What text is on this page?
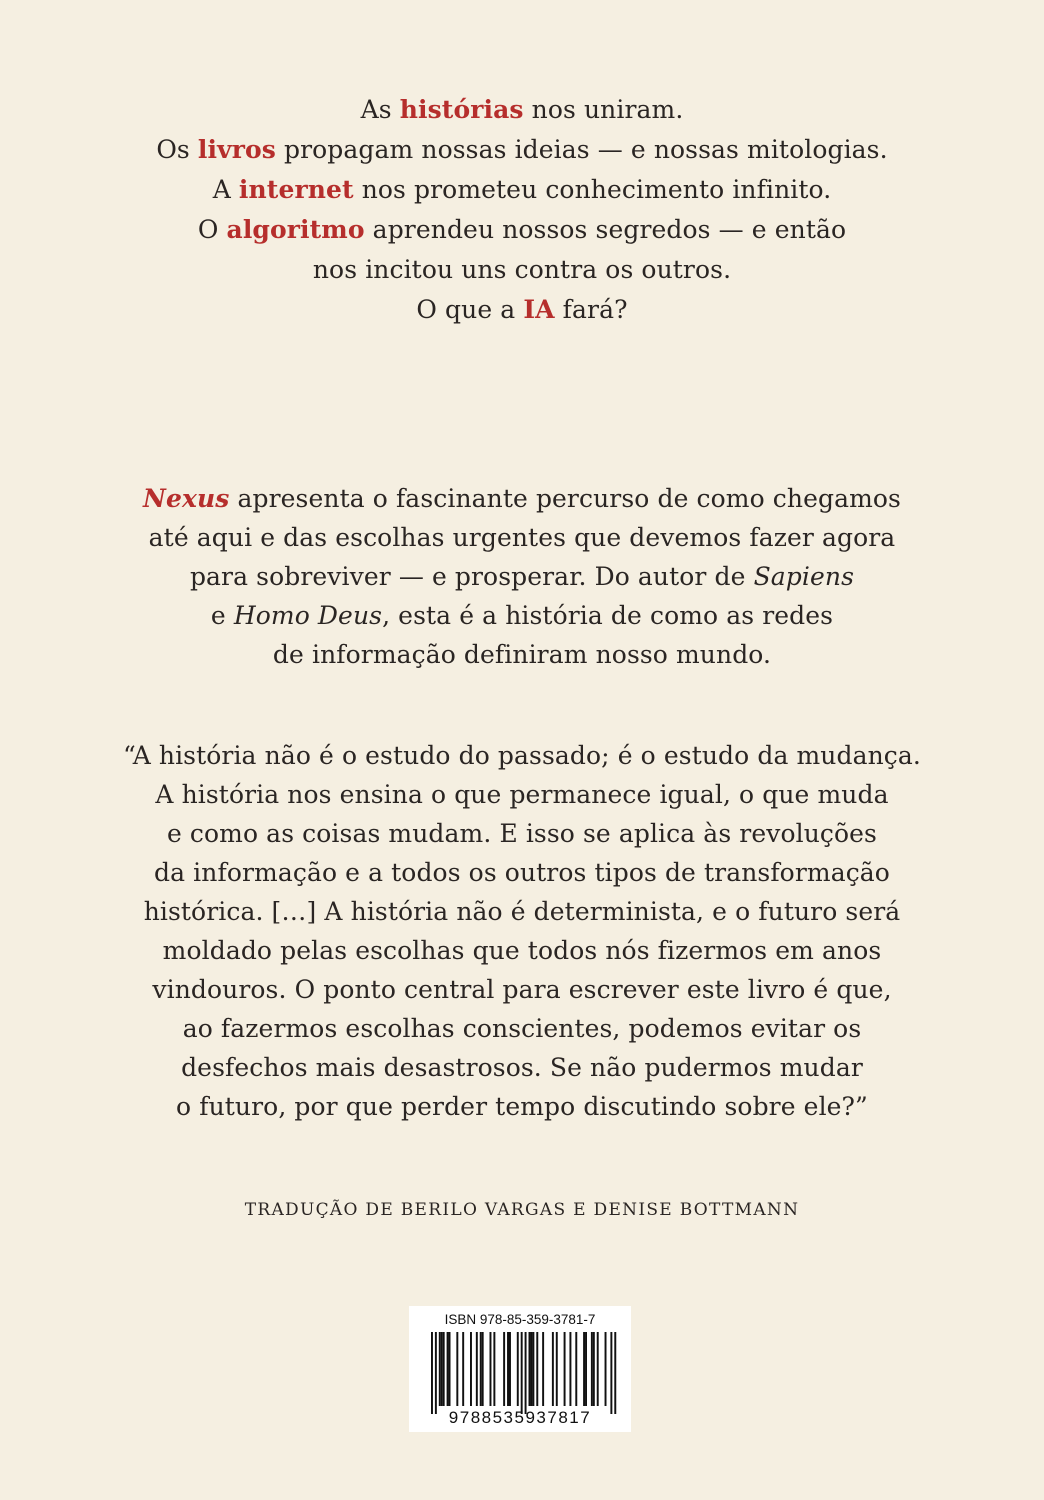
As histórias nos uniram.
Os livros propagam nossas ideias — e nossas mitologias.
A internet nos prometeu conhecimento infinito.
O algoritmo aprendeu nossos segredos — e então
nos incitou uns contra os outros.
O que a IA fará?
Nexus apresenta o fascinante percurso de como chegamos
até aqui e das escolhas urgentes que devemos fazer agora
para sobreviver — e prosperar. Do autor de Sapiens
e Homo Deus, esta é a história de como as redes
de informação definiram nosso mundo.
“A história não é o estudo do passado; é o estudo da mudança.
A história nos ensina o que permanece igual, o que muda
e como as coisas mudam. E isso se aplica às revoluções
da informação e a todos os outros tipos de transformação
histórica. […] A história não é determinista, e o futuro será
moldado pelas escolhas que todos nós fizermos em anos
vindouros. O ponto central para escrever este livro é que,
ao fazermos escolhas conscientes, podemos evitar os
desfechos mais desastrosos. Se não pudermos mudar
o futuro, por que perder tempo discutindo sobre ele?”
TRADUÇÃO DE BERILO VARGAS E DENISE BOTTMANN
ISBN 978-85-359-3781-7
9788535937817
